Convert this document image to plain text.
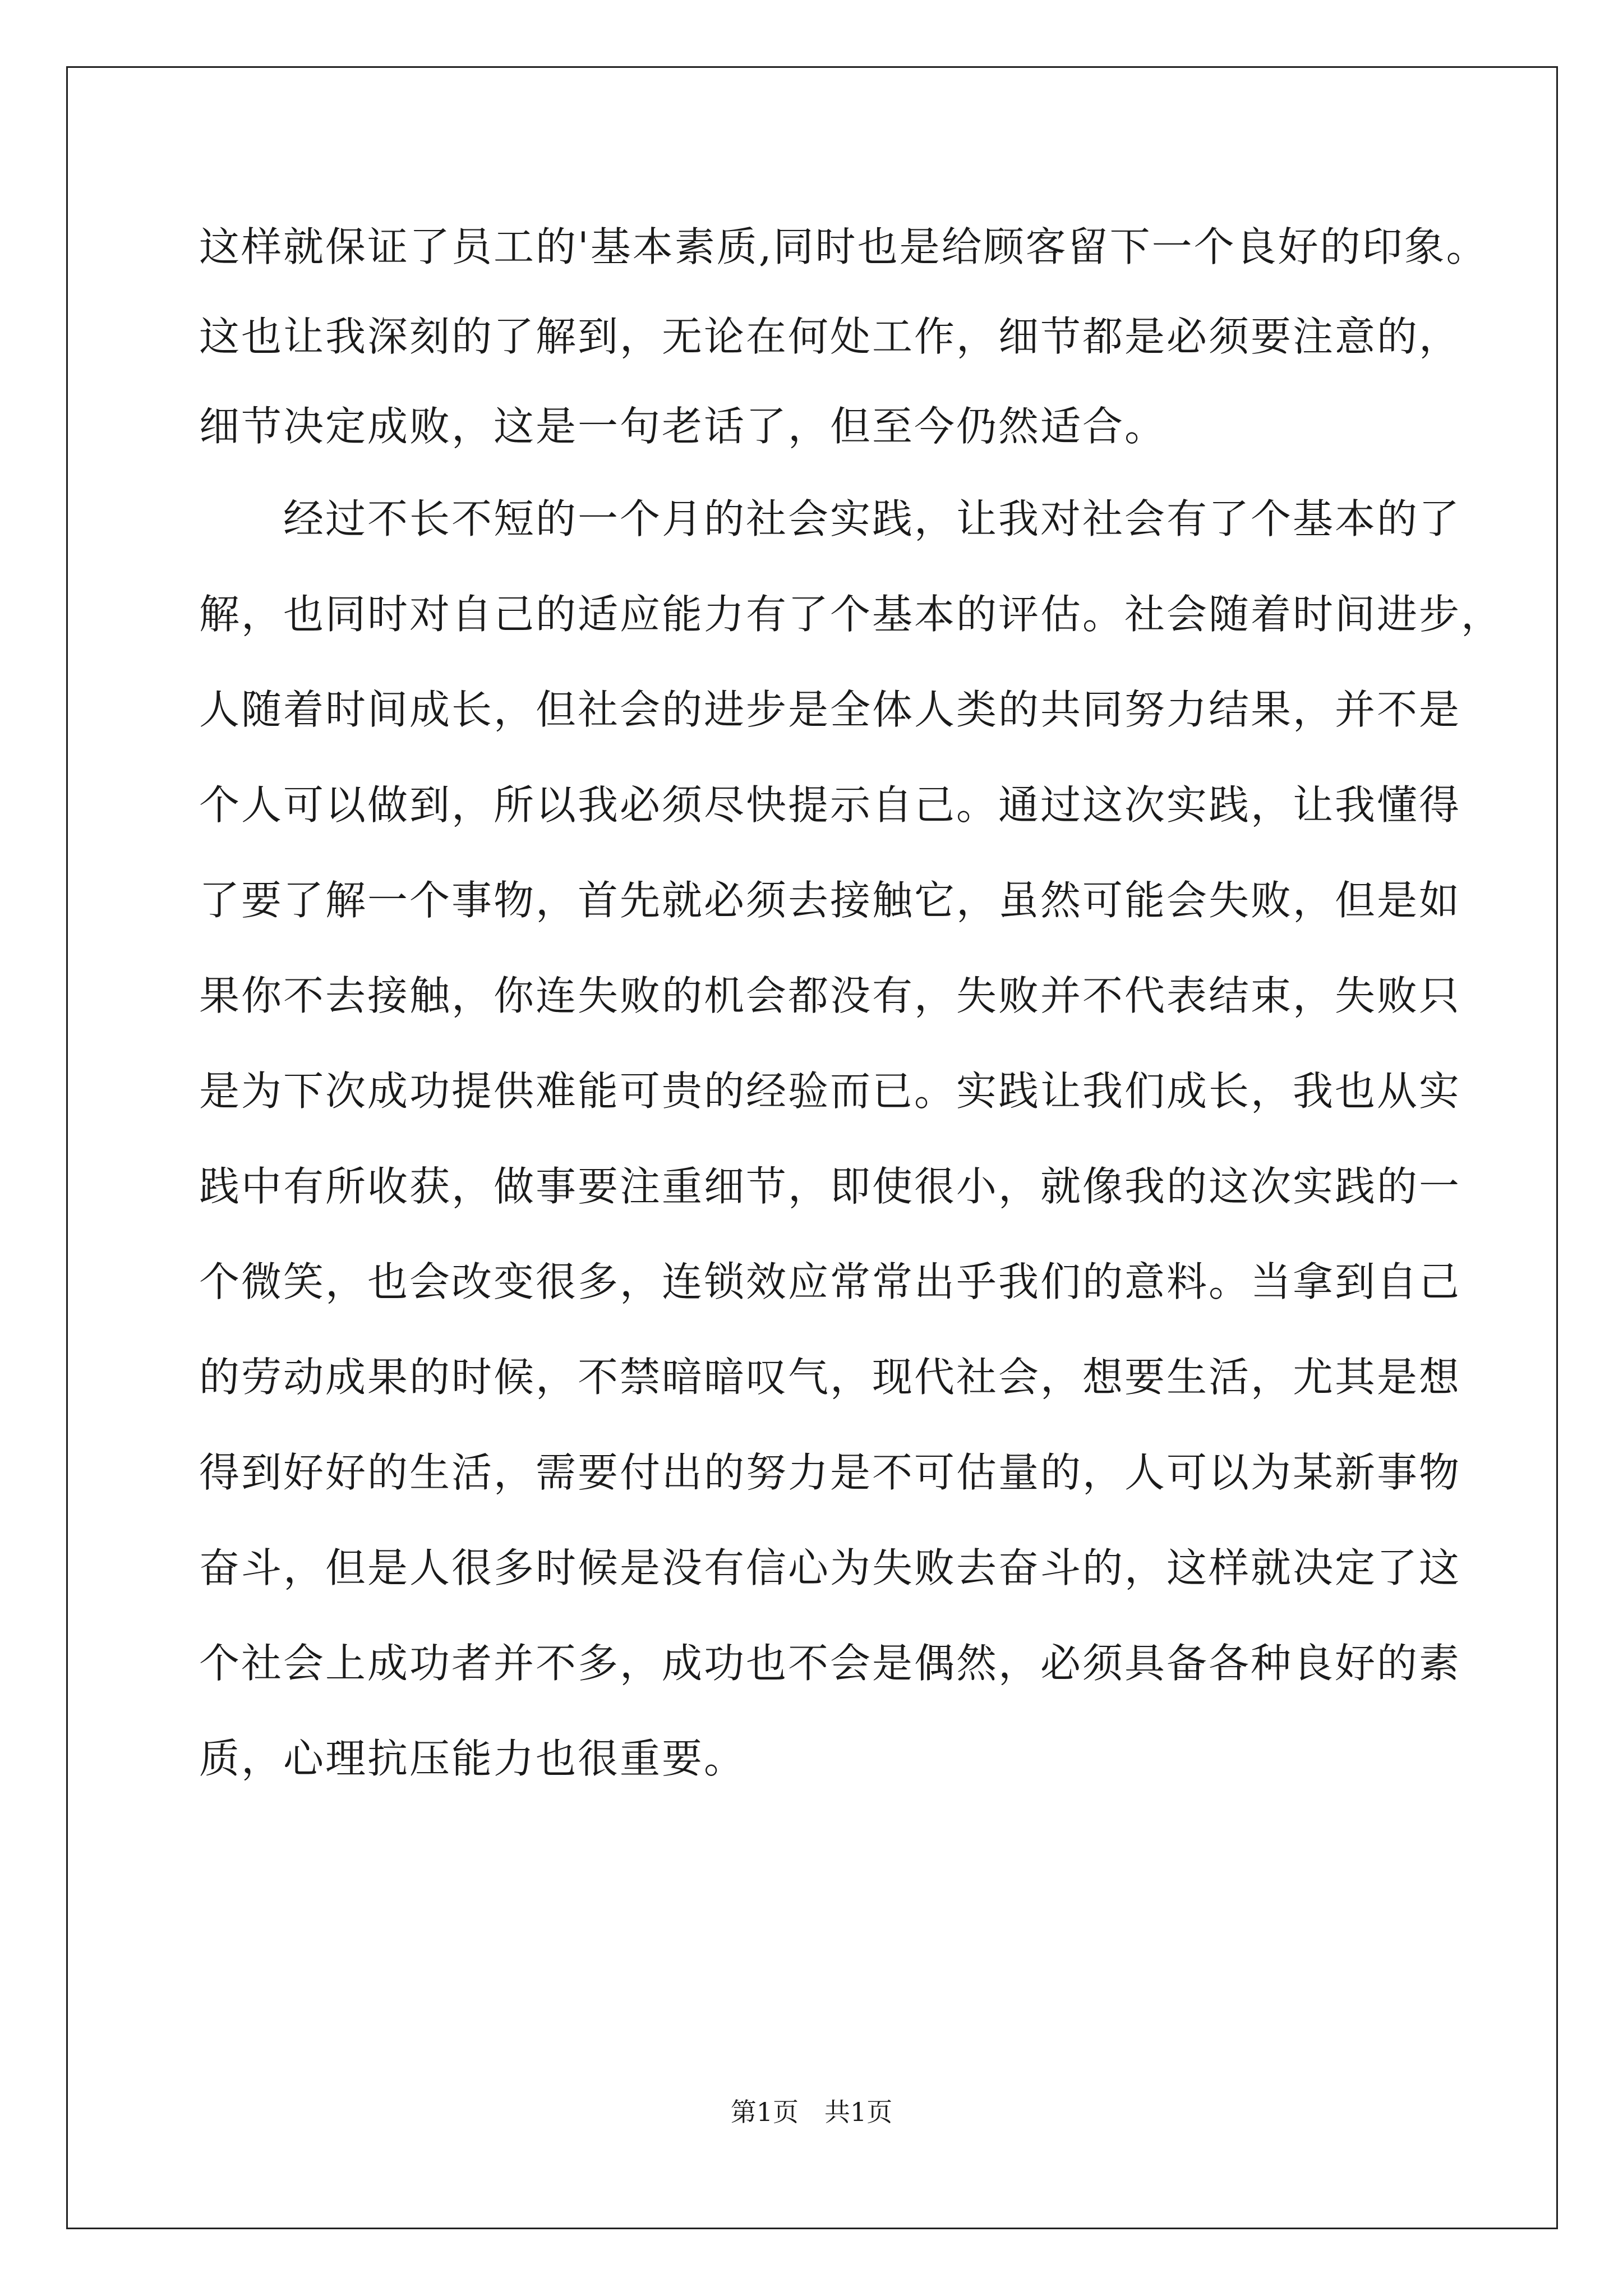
这样就保证了员工的'基本素质,同时也是给顾客留下一个良好的印象。
这也让我深刻的了解到，无论在何处工作，细节都是必须要注意的，
细节决定成败，这是一句老话了，但至今仍然适合。
　　经过不长不短的一个月的社会实践，让我对社会有了个基本的了
解，也同时对自己的适应能力有了个基本的评估。社会随着时间进步，
人随着时间成长，但社会的进步是全体人类的共同努力结果，并不是
个人可以做到，所以我必须尽快提示自己。通过这次实践，让我懂得
了要了解一个事物，首先就必须去接触它，虽然可能会失败，但是如
果你不去接触，你连失败的机会都没有，失败并不代表结束，失败只
是为下次成功提供难能可贵的经验而已。实践让我们成长，我也从实
践中有所收获，做事要注重细节，即使很小，就像我的这次实践的一
个微笑，也会改变很多，连锁效应常常出乎我们的意料。当拿到自己
的劳动成果的时候，不禁暗暗叹气，现代社会，想要生活，尤其是想
得到好好的生活，需要付出的努力是不可估量的，人可以为某新事物
奋斗，但是人很多时候是没有信心为失败去奋斗的，这样就决定了这
个社会上成功者并不多，成功也不会是偶然，必须具备各种良好的素
质，心理抗压能力也很重要。
第1页　共1页
